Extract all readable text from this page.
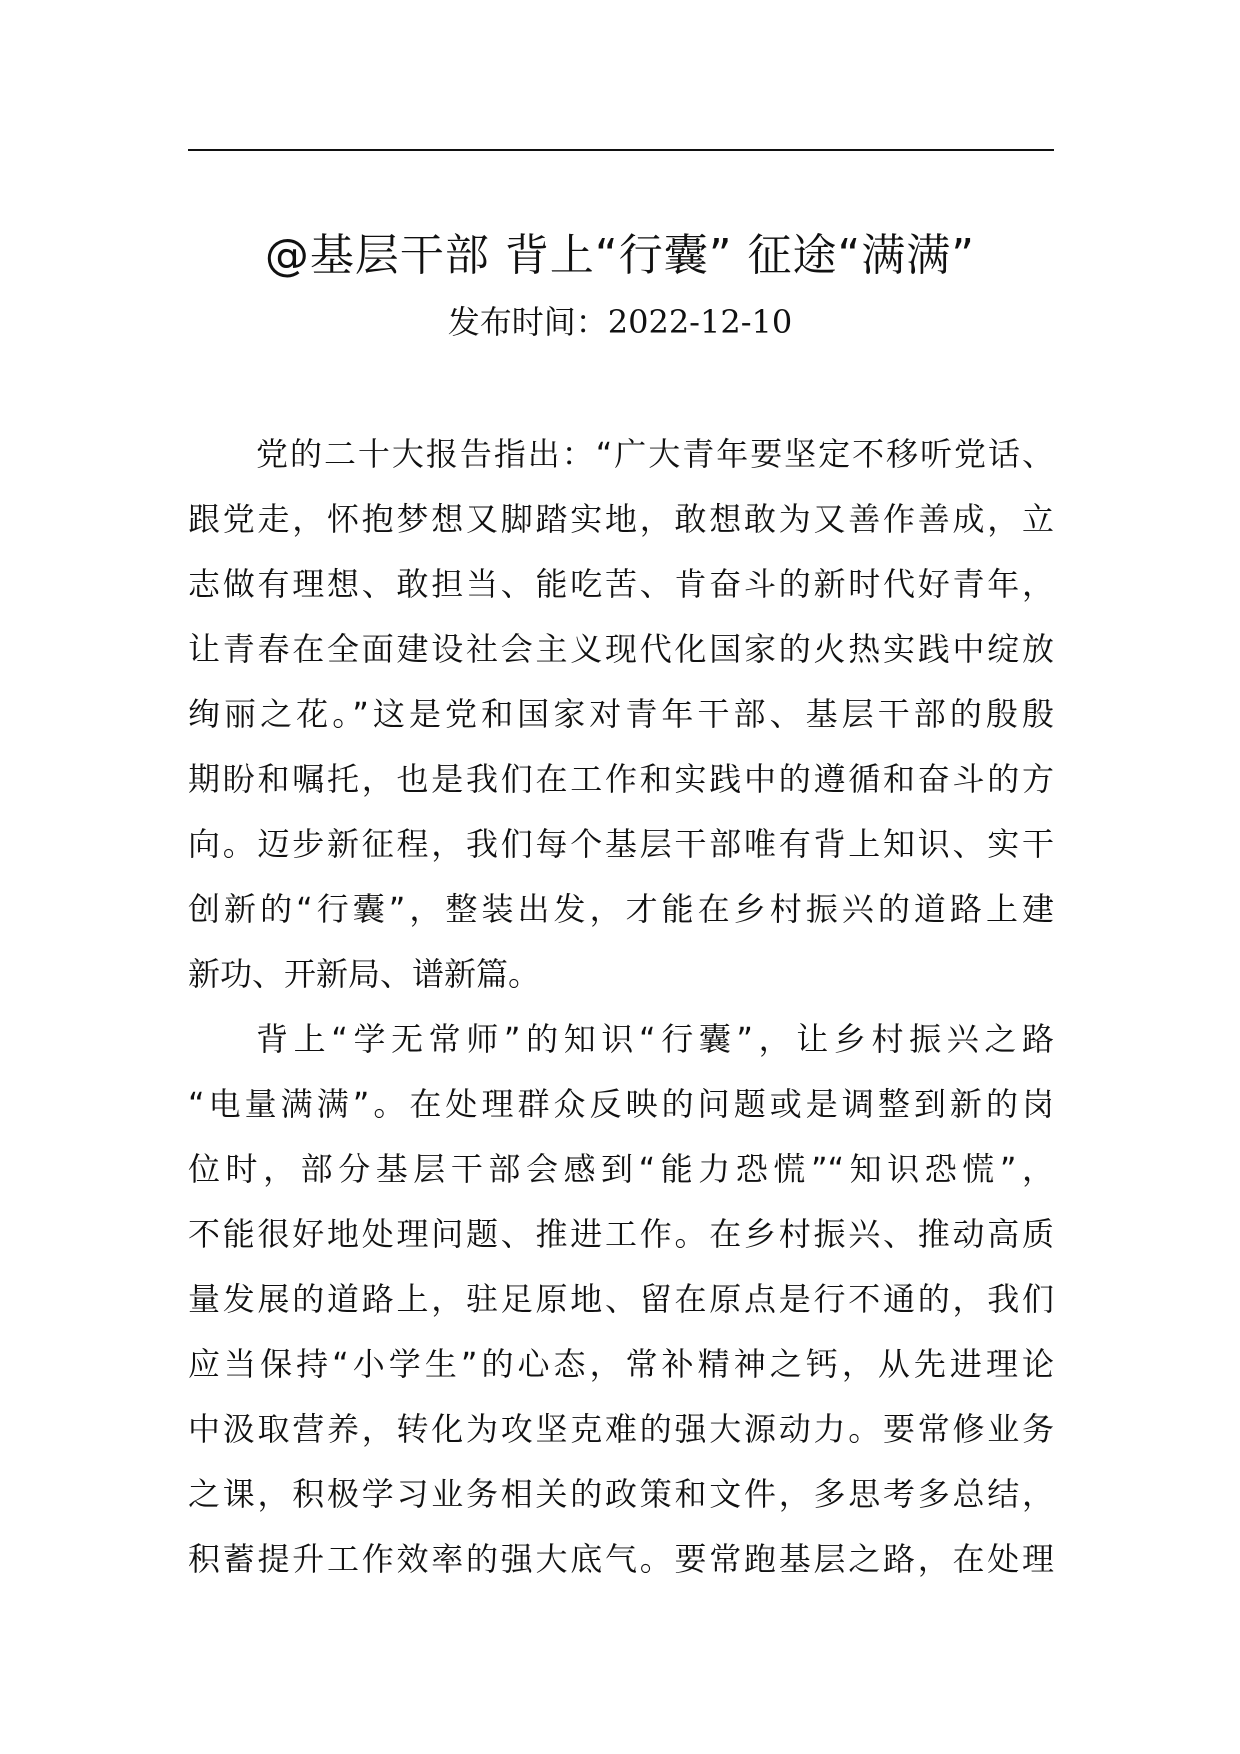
@基层干部 背上“行囊” 征途“满满”
发布时间：2022-12-10

党的二十大报告指出：“广大青年要坚定不移听党话、
跟党走，怀抱梦想又脚踏实地，敢想敢为又善作善成，立
志做有理想、敢担当、能吃苦、肯奋斗的新时代好青年，
让青春在全面建设社会主义现代化国家的火热实践中绽放
绚丽之花。”这是党和国家对青年干部、基层干部的殷殷
期盼和嘱托，也是我们在工作和实践中的遵循和奋斗的方
向。迈步新征程，我们每个基层干部唯有背上知识、实干
创新的“行囊”，整装出发，才能在乡村振兴的道路上建
新功、开新局、谱新篇。

背上“学无常师”的知识“行囊”，让乡村振兴之路
“电量满满”。在处理群众反映的问题或是调整到新的岗
位时，部分基层干部会感到“能力恐慌”“知识恐慌”，
不能很好地处理问题、推进工作。在乡村振兴、推动高质
量发展的道路上，驻足原地、留在原点是行不通的，我们
应当保持“小学生”的心态，常补精神之钙，从先进理论
中汲取营养，转化为攻坚克难的强大源动力。要常修业务
之课，积极学习业务相关的政策和文件，多思考多总结，
积蓄提升工作效率的强大底气。要常跑基层之路，在处理
